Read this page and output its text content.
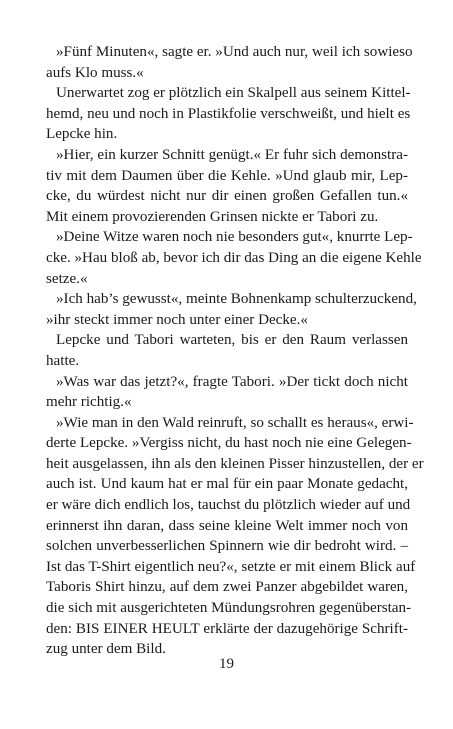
»Fünf Minuten«, sagte er. »Und auch nur, weil ich sowieso
aufs Klo muss.«
Unerwartet zog er plötzlich ein Skalpell aus seinem Kittel-
hemd, neu und noch in Plastikfolie verschweißt, und hielt es
Lepcke hin.
»Hier, ein kurzer Schnitt genügt.« Er fuhr sich demonstra-
tiv mit dem Daumen über die Kehle. »Und glaub mir, Lep-
cke, du würdest nicht nur dir einen großen Gefallen tun.«
Mit einem provozierenden Grinsen nickte er Tabori zu.
»Deine Witze waren noch nie besonders gut«, knurrte Lep-
cke. »Hau bloß ab, bevor ich dir das Ding an die eigene Kehle
setze.«
»Ich hab’s gewusst«, meinte Bohnenkamp schulterzuckend,
»ihr steckt immer noch unter einer Decke.«
Lepcke und Tabori warteten, bis er den Raum verlassen
hatte.
»Was war das jetzt?«, fragte Tabori. »Der tickt doch nicht
mehr richtig.«
»Wie man in den Wald reinruft, so schallt es heraus«, erwi-
derte Lepcke. »Vergiss nicht, du hast noch nie eine Gelegen-
heit ausgelassen, ihn als den kleinen Pisser hinzustellen, der er
auch ist. Und kaum hat er mal für ein paar Monate gedacht,
er wäre dich endlich los, tauchst du plötzlich wieder auf und
erinnerst ihn daran, dass seine kleine Welt immer noch von
solchen unverbesserlichen Spinnern wie dir bedroht wird. –
Ist das T-Shirt eigentlich neu?«, setzte er mit einem Blick auf
Taboris Shirt hinzu, auf dem zwei Panzer abgebildet waren,
die sich mit ausgerichteten Mündungsrohren gegenüberstan-
den: BIS EINER HEULT erklärte der dazugehörige Schrift-
zug unter dem Bild.
19
